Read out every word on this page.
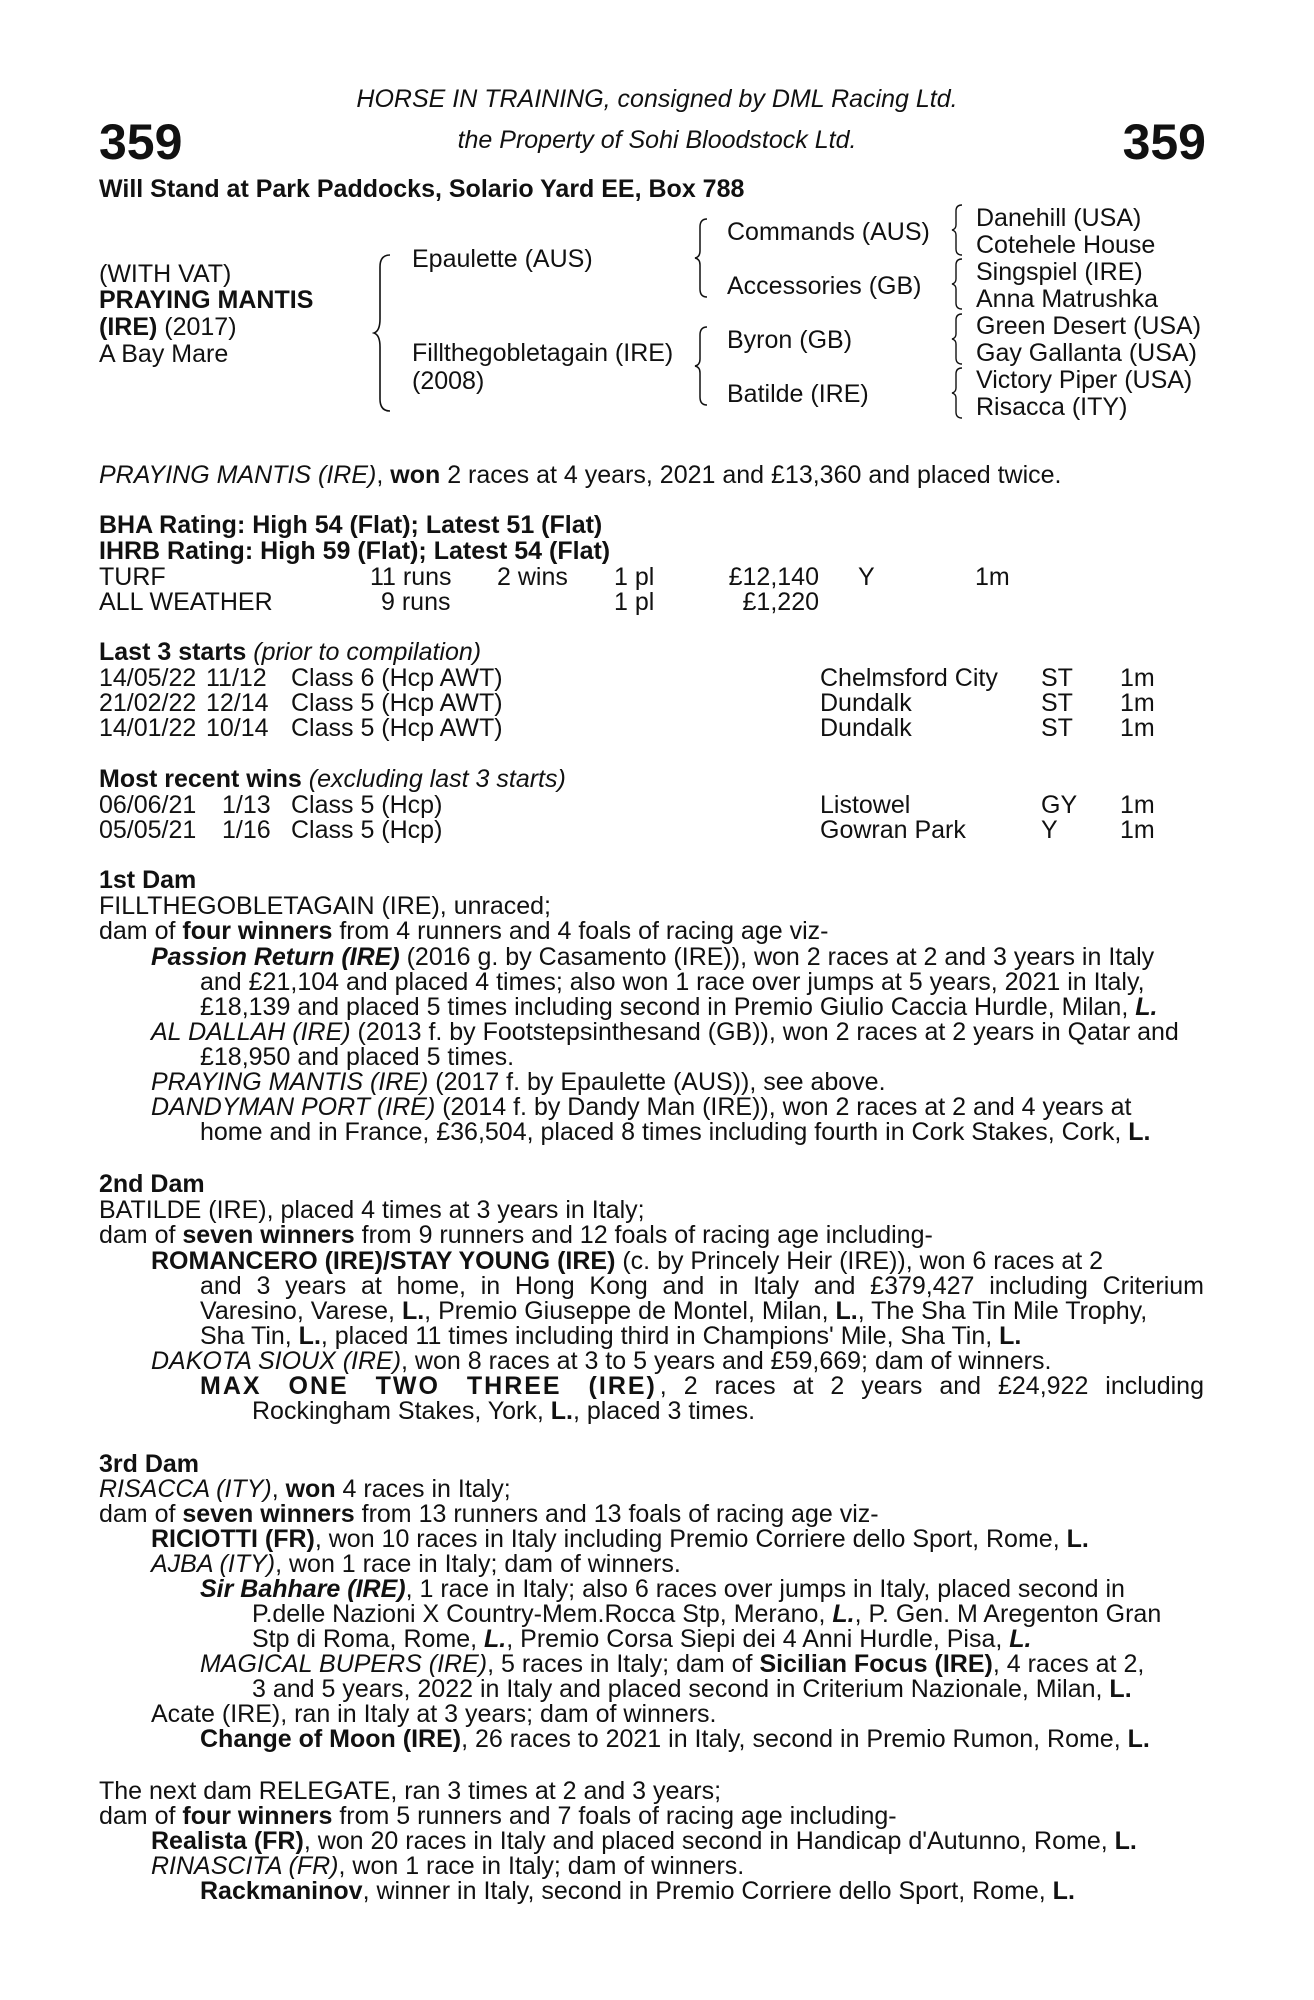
HORSE IN TRAINING, consigned by DML Racing Ltd.
the Property of Sohi Bloodstock Ltd.
359	359
Will Stand at Park Paddocks, Solario Yard EE, Box 788
(WITH VAT)
PRAYING MANTIS
(IRE) (2017)
A Bay Mare
Epaulette (AUS)
Fillthegobletagain (IRE)
(2008)
Commands (AUS)
Accessories (GB)
Byron (GB)
Batilde (IRE)
Danehill (USA)
Cotehele House
Singspiel (IRE)
Anna Matrushka
Green Desert (USA)
Gay Gallanta (USA)
Victory Piper (USA)
Risacca (ITY)
PRAYING MANTIS (IRE), won 2 races at 4 years, 2021 and £13,360 and placed twice.
BHA Rating: High 54 (Flat); Latest 51 (Flat)
IHRB Rating: High 59 (Flat); Latest 54 (Flat)
TURF	11 runs 2 wins 1 pl	£12,140 Y	1m
ALL WEATHER	9 runs	1 pl	£1,220
Last 3 starts (prior to compilation)
14/05/22 11/12 Class 6 (Hcp AWT)	Chelmsford City ST 1m
21/02/22 12/14 Class 5 (Hcp AWT)	Dundalk	ST 1m
14/01/22 10/14 Class 5 (Hcp AWT)	Dundalk	ST 1m
Most recent wins (excluding last 3 starts)
06/06/21 1/13 Class 5 (Hcp)	Listowel	GY 1m
05/05/21 1/16 Class 5 (Hcp)	Gowran Park	Y 1m
1st Dam
FILLTHEGOBLETAGAIN (IRE), unraced;
dam of four winners from 4 runners and 4 foals of racing age viz-
Passion Return (IRE) (2016 g. by Casamento (IRE)), won 2 races at 2 and 3 years in Italy
and £21,104 and placed 4 times; also won 1 race over jumps at 5 years, 2021 in Italy,
£18,139 and placed 5 times including second in Premio Giulio Caccia Hurdle, Milan, L.
AL DALLAH (IRE) (2013 f. by Footstepsinthesand (GB)), won 2 races at 2 years in Qatar and
£18,950 and placed 5 times.
PRAYING MANTIS (IRE) (2017 f. by Epaulette (AUS)), see above.
DANDYMAN PORT (IRE) (2014 f. by Dandy Man (IRE)), won 2 races at 2 and 4 years at
home and in France, £36,504, placed 8 times including fourth in Cork Stakes, Cork, L.
2nd Dam
BATILDE (IRE), placed 4 times at 3 years in Italy;
dam of seven winners from 9 runners and 12 foals of racing age including-
ROMANCERO (IRE)/STAY YOUNG (IRE) (c. by Princely Heir (IRE)), won 6 races at 2
and 3 years at home, in Hong Kong and in Italy and £379,427 including Criterium
Varesino, Varese, L., Premio Giuseppe de Montel, Milan, L., The Sha Tin Mile Trophy,
Sha Tin, L., placed 11 times including third in Champions' Mile, Sha Tin, L.
DAKOTA SIOUX (IRE), won 8 races at 3 to 5 years and £59,669; dam of winners.
MAX ONE TWO THREE (IRE) , 2 races at 2 years and £24,922 including
Rockingham Stakes, York, L., placed 3 times.
3rd Dam
RISACCA (ITY), won 4 races in Italy;
dam of seven winners from 13 runners and 13 foals of racing age viz-
RICIOTTI (FR), won 10 races in Italy including Premio Corriere dello Sport, Rome, L.
AJBA (ITY), won 1 race in Italy; dam of winners.
Sir Bahhare (IRE), 1 race in Italy; also 6 races over jumps in Italy, placed second in
P.delle Nazioni X Country-Mem.Rocca Stp, Merano, L., P. Gen. M Aregenton Gran
Stp di Roma, Rome, L., Premio Corsa Siepi dei 4 Anni Hurdle, Pisa, L.
MAGICAL BUPERS (IRE), 5 races in Italy; dam of Sicilian Focus (IRE), 4 races at 2,
3 and 5 years, 2022 in Italy and placed second in Criterium Nazionale, Milan, L.
Acate (IRE), ran in Italy at 3 years; dam of winners.
Change of Moon (IRE), 26 races to 2021 in Italy, second in Premio Rumon, Rome, L.
The next dam RELEGATE, ran 3 times at 2 and 3 years;
dam of four winners from 5 runners and 7 foals of racing age including-
Realista (FR), won 20 races in Italy and placed second in Handicap d'Autunno, Rome, L.
RINASCITA (FR), won 1 race in Italy; dam of winners.
Rackmaninov, winner in Italy, second in Premio Corriere dello Sport, Rome, L.
